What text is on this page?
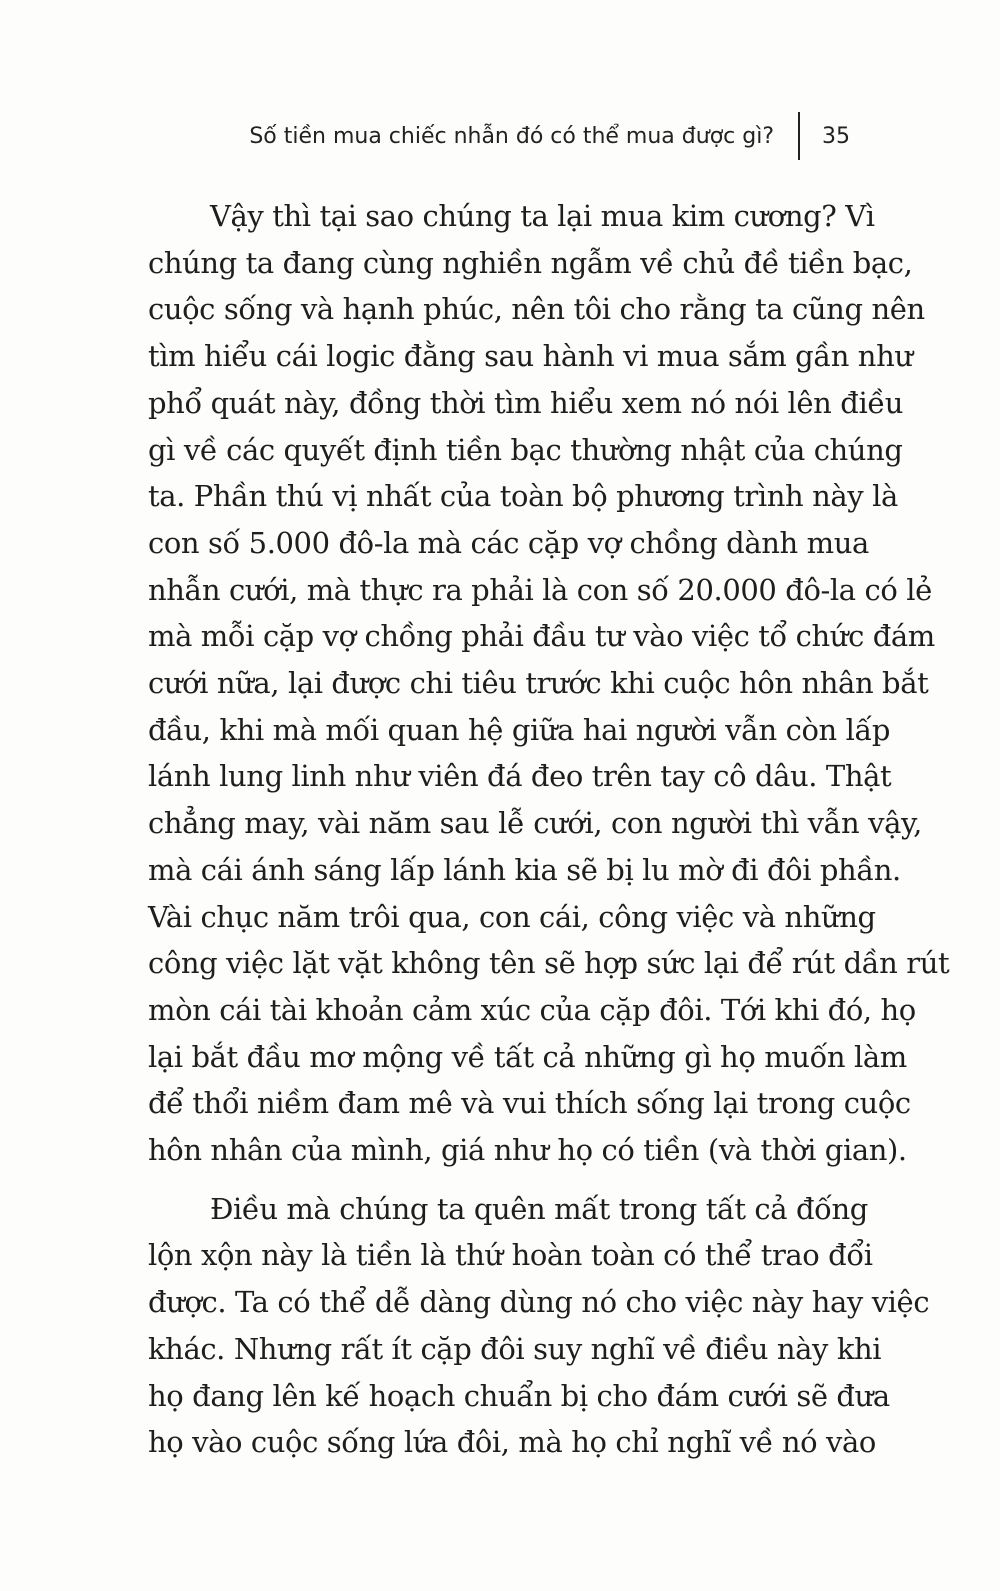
Số tiền mua chiếc nhẫn đó có thể mua được gì? 35
Vậy thì tại sao chúng ta lại mua kim cương? Vì
chúng ta đang cùng nghiền ngẫm về chủ đề tiền bạc,
cuộc sống và hạnh phúc, nên tôi cho rằng ta cũng nên
tìm hiểu cái logic đằng sau hành vi mua sắm gần như
phổ quát này, đồng thời tìm hiểu xem nó nói lên điều
gì về các quyết định tiền bạc thường nhật của chúng
ta. Phần thú vị nhất của toàn bộ phương trình này là
con số 5.000 đô-la mà các cặp vợ chồng dành mua
nhẫn cưới, mà thực ra phải là con số 20.000 đô-la có lẻ
mà mỗi cặp vợ chồng phải đầu tư vào việc tổ chức đám
cưới nữa, lại được chi tiêu trước khi cuộc hôn nhân bắt
đầu, khi mà mối quan hệ giữa hai người vẫn còn lấp
lánh lung linh như viên đá đeo trên tay cô dâu. Thật
chẳng may, vài năm sau lễ cưới, con người thì vẫn vậy,
mà cái ánh sáng lấp lánh kia sẽ bị lu mờ đi đôi phần.
Vài chục năm trôi qua, con cái, công việc và những
công việc lặt vặt không tên sẽ hợp sức lại để rút dần rút
mòn cái tài khoản cảm xúc của cặp đôi. Tới khi đó, họ
lại bắt đầu mơ mộng về tất cả những gì họ muốn làm
để thổi niềm đam mê và vui thích sống lại trong cuộc
hôn nhân của mình, giá như họ có tiền (và thời gian).
Điều mà chúng ta quên mất trong tất cả đống
lộn xộn này là tiền là thứ hoàn toàn có thể trao đổi
được. Ta có thể dễ dàng dùng nó cho việc này hay việc
khác. Nhưng rất ít cặp đôi suy nghĩ về điều này khi
họ đang lên kế hoạch chuẩn bị cho đám cưới sẽ đưa
họ vào cuộc sống lứa đôi, mà họ chỉ nghĩ về nó vào
